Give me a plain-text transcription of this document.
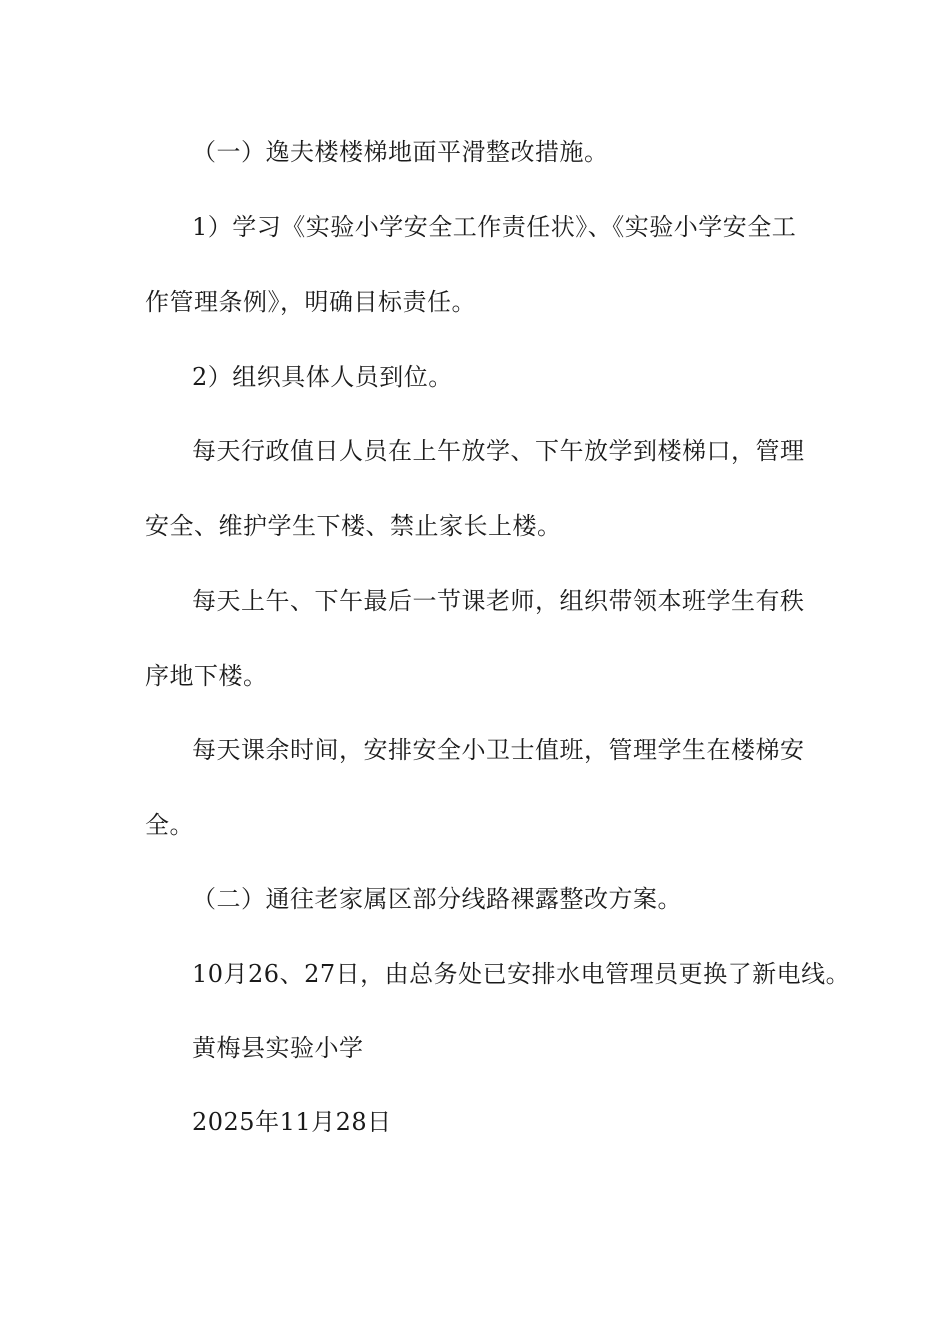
（一）逸夫楼楼梯地面平滑整改措施。
1）学习《实验小学安全工作责任状》、《实验小学安全工
作管理条例》，明确目标责任。
2）组织具体人员到位。
每天行政值日人员在上午放学、下午放学到楼梯口，管理
安全、维护学生下楼、禁止家长上楼。
每天上午、下午最后一节课老师，组织带领本班学生有秩
序地下楼。
每天课余时间，安排安全小卫士值班，管理学生在楼梯安
全。
（二）通往老家属区部分线路裸露整改方案。
10月26、27日，由总务处已安排水电管理员更换了新电线。
黄梅县实验小学
2025年11月28日
